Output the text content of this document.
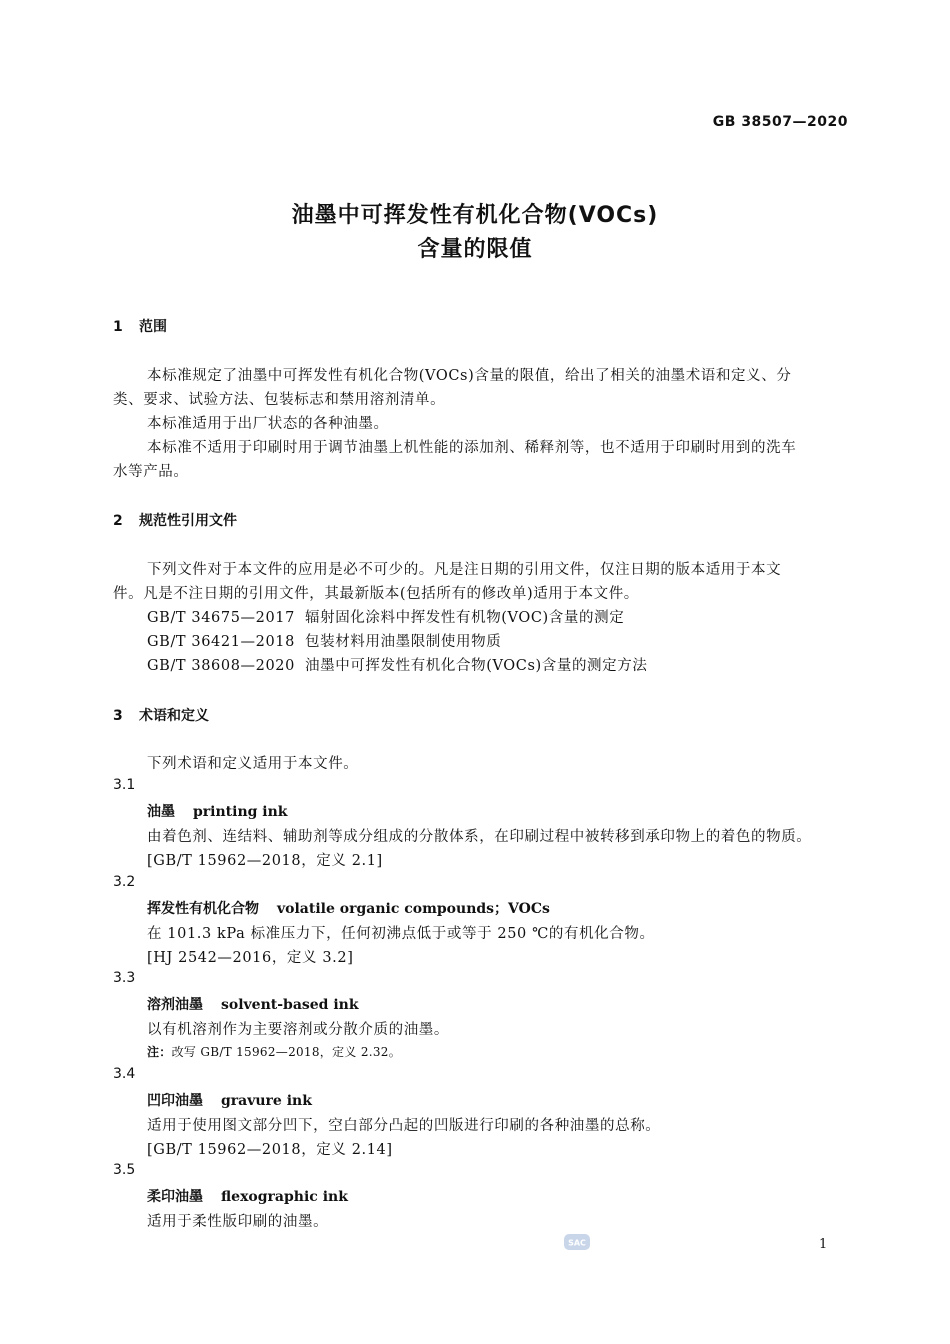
GB 38507—2020
油墨中可挥发性有机化合物(VOCs)
含量的限值
1 范围
本标准规定了油墨中可挥发性有机化合物(VOCs)含量的限值，给出了相关的油墨术语和定义、分
类、要求、试验方法、包装标志和禁用溶剂清单。
本标准适用于出厂状态的各种油墨。
本标准不适用于印刷时用于调节油墨上机性能的添加剂、稀释剂等，也不适用于印刷时用到的洗车
水等产品。
2 规范性引用文件
下列文件对于本文件的应用是必不可少的。凡是注日期的引用文件，仅注日期的版本适用于本文
件。凡是不注日期的引用文件，其最新版本(包括所有的修改单)适用于本文件。
GB/T 34675—2017 辐射固化涂料中挥发性有机物(VOC)含量的测定
GB/T 36421—2018 包装材料用油墨限制使用物质
GB/T 38608—2020 油墨中可挥发性有机化合物(VOCs)含量的测定方法
3 术语和定义
下列术语和定义适用于本文件。
3.1
油墨 printing ink
由着色剂、连结料、辅助剂等成分组成的分散体系，在印刷过程中被转移到承印物上的着色的物质。
[GB/T 15962—2018，定义 2.1]
3.2
挥发性有机化合物 volatile organic compounds；VOCs
在 101.3 kPa 标准压力下，任何初沸点低于或等于 250 ℃的有机化合物。
[HJ 2542—2016，定义 3.2]
3.3
溶剂油墨 solvent-based ink
以有机溶剂作为主要溶剂或分散介质的油墨。
注：改写 GB/T 15962—2018，定义 2.32。
3.4
凹印油墨 gravure ink
适用于使用图文部分凹下，空白部分凸起的凹版进行印刷的各种油墨的总称。
[GB/T 15962—2018，定义 2.14]
3.5
柔印油墨 flexographic ink
适用于柔性版印刷的油墨。
SAC	1
